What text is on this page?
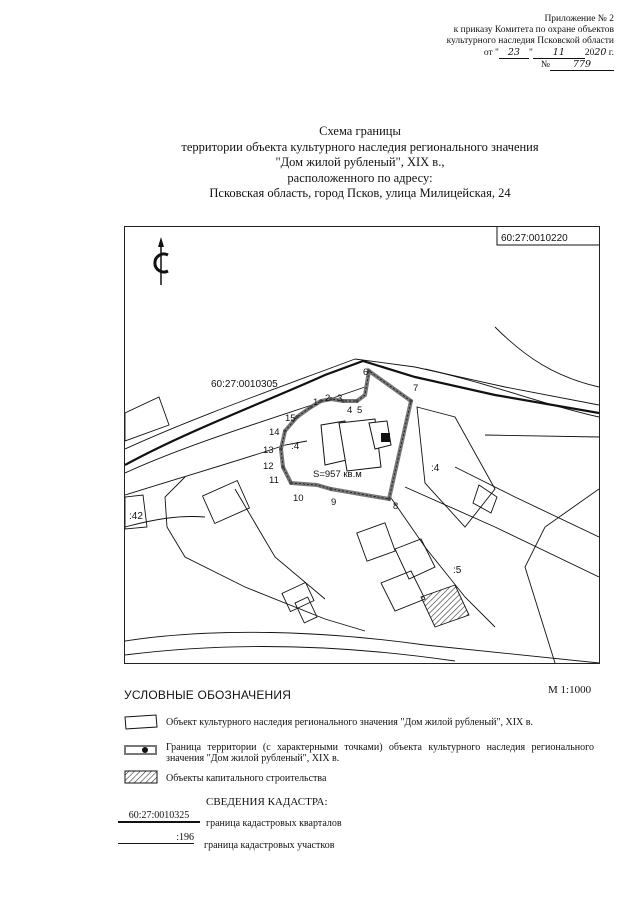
Приложение № 2
к приказу Комитета по охране объектов
культурного наследия Псковской области
от " 23 " 11 2020 г.
№ 779
Схема границы
территории объекта культурного наследия регионального значения
"Дом жилой рубленый", XIX в.,
расположенного по адресу:
Псковская область, город Псков, улица Милицейская, 24
60:27:0010220
:42
60:27:0010305
:4
:5
1 2 3
4 5
6
7
8
9
10
11
12
13
14
15
:4
S=957 кв.м
УСЛОВНЫЕ ОБОЗНАЧЕНИЯ	М 1:1000
Объект культурного наследия регионального значения "Дом жилой рубленый", XIX в.
Граница территории (с характерными точками) объекта культурного наследия регионального значения "Дом жилой рубленый", XIX в.
Объекты капитального строительства
СВЕДЕНИЯ КАДАСТРА:
60:27:0010325
граница кадастровых кварталов
:196
граница кадастровых участков
